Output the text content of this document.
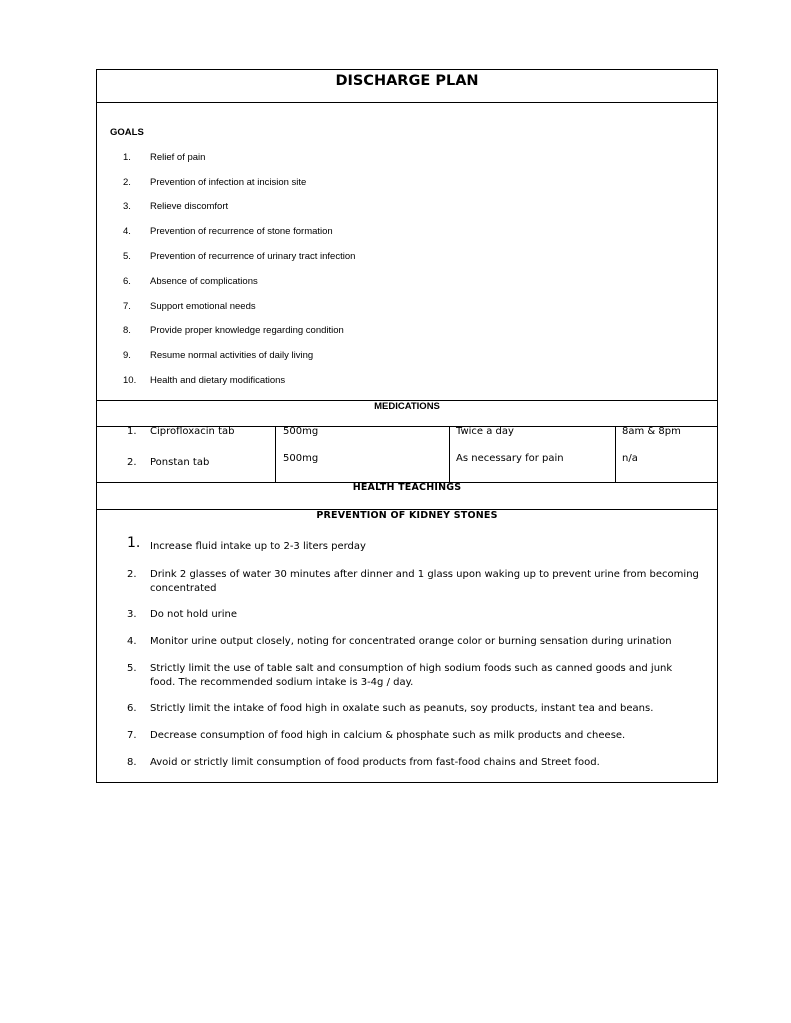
DISCHARGE PLAN
GOALS
1.	Relief of pain
2.	Prevention of infection at incision site
3.	Relieve discomfort
4.	Prevention of recurrence of stone formation
5.	Prevention of recurrence of urinary tract infection
6.	Absence of complications
7.	Support emotional needs
8.	Provide proper knowledge regarding condition
9.	Resume normal activities of daily living
10. Health and dietary modifications
MEDICATIONS
1. Ciprofloxacin tab	500mg	Twice a day	8am & 8pm
2. Ponstan tab	500mg	As necessary for pain	n/a
HEALTH TEACHINGS
PREVENTION OF KIDNEY STONES
1. Increase fluid intake up to 2-3 liters perday
2. Drink 2 glasses of water 30 minutes after dinner and 1 glass upon waking up to prevent urine from becoming concentrated
3. Do not hold urine
4. Monitor urine output closely, noting for concentrated orange color or burning sensation during urination
5. Strictly limit the use of table salt and consumption of high sodium foods such as canned goods and junk food. The recommended sodium intake is 3-4g / day.
6. Strictly limit the intake of food high in oxalate such as peanuts, soy products, instant tea and beans.
7. Decrease consumption of food high in calcium & phosphate such as milk products and cheese.
8. Avoid or strictly limit consumption of food products from fast-food chains and Street food.
